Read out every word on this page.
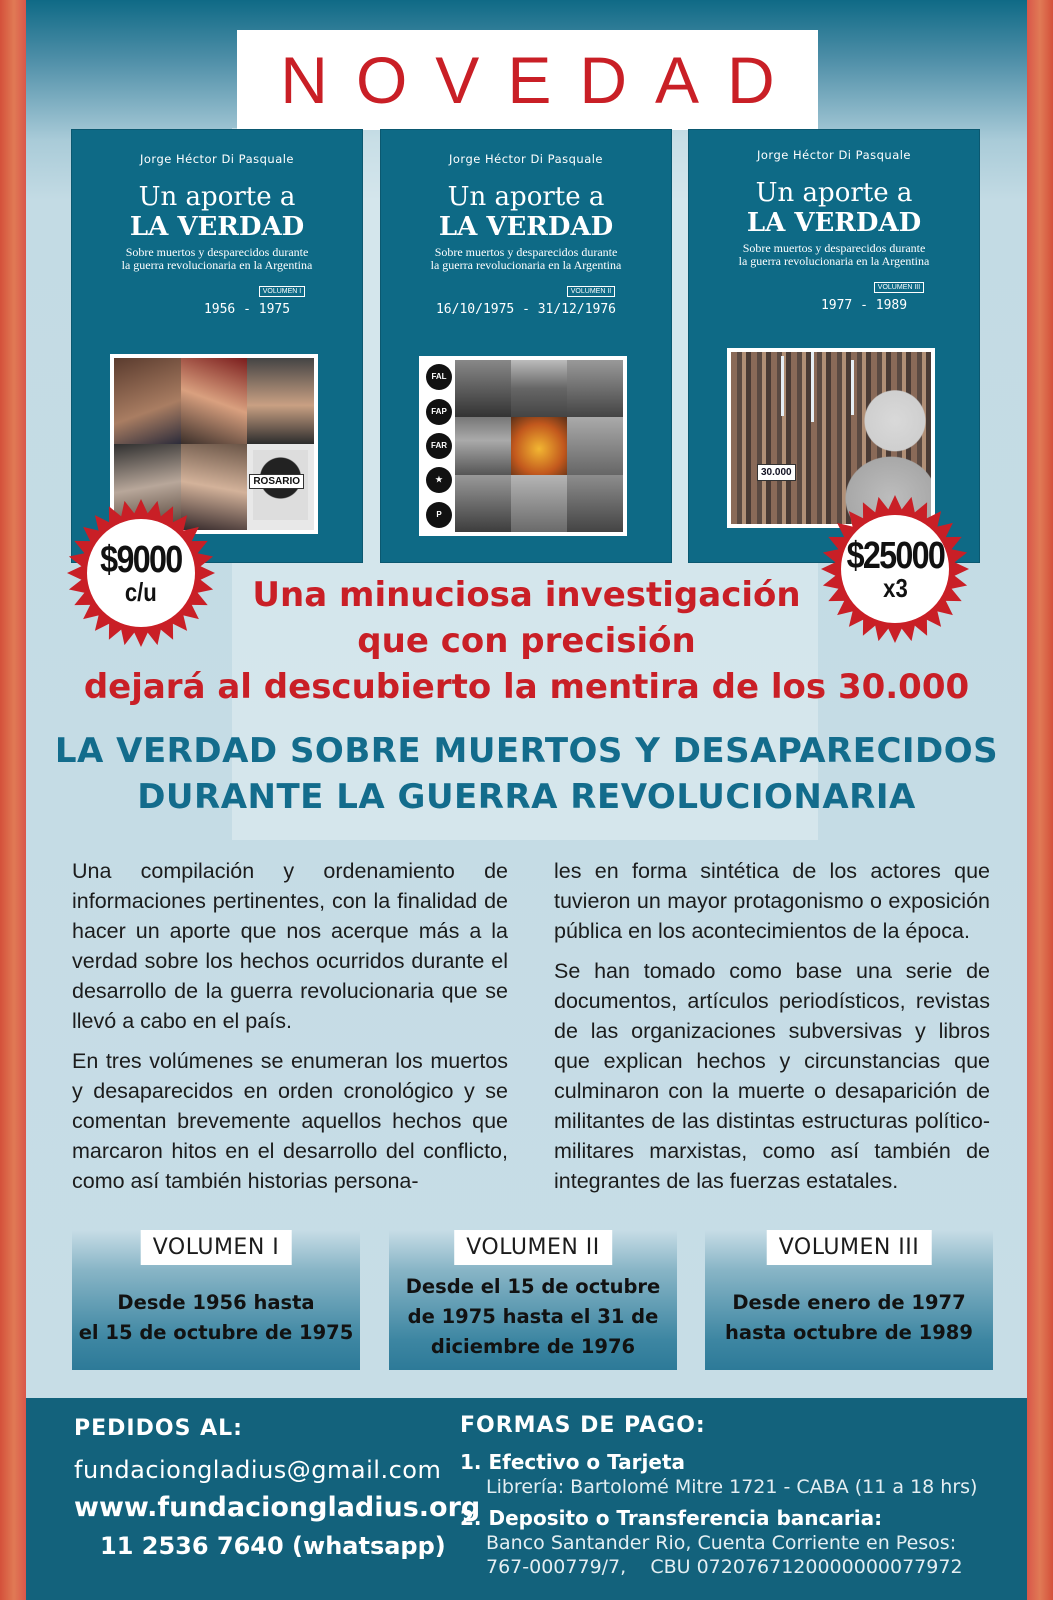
NOVEDAD
Jorge Héctor Di Pasquale
Un aporte a
LA VERDAD
Sobre muertos y desparecidos durante
la guerra revolucionaria en la Argentina
VOLUMEN I
1956 - 1975
ROSARIO
Jorge Héctor Di Pasquale
Un aporte a
LA VERDAD
Sobre muertos y desparecidos durante
la guerra revolucionaria en la Argentina
VOLUMEN II
16/10/1975 - 31/12/1976
FAL
FAP
FAR
★
P
Jorge Héctor Di Pasquale
Un aporte a
LA VERDAD
Sobre muertos y desparecidos durante
la guerra revolucionaria en la Argentina
VOLUMEN III
1977 - 1989
30.000
$9000
c/u
$25000
x3
Una minuciosa investigación
que con precisión
dejará al descubierto la mentira de los 30.000
LA VERDAD SOBRE MUERTOS Y DESAPARECIDOS
DURANTE LA GUERRA REVOLUCIONARIA

Una compilación y ordenamiento de informaciones pertinentes, con la finalidad de hacer un aporte que nos acerque más a la verdad sobre los hechos ocurridos durante el desarrollo de la guerra revolucionaria que se llevó a cabo en el país.

En tres volúmenes se enumeran los muertos y desaparecidos en orden cronológico y se comentan brevemente aquellos hechos que marcaron hitos en el desarrollo del conflicto, como así también historias persona-

les en forma sintética de los actores que tuvieron un mayor protagonismo o exposición pública en los acontecimientos de la época.

Se han tomado como base una serie de documentos, artículos periodísticos, revistas de las organizaciones subversivas y libros que explican hechos y circunstancias que culminaron con la muerte o desaparición de militantes de las distintas estructuras político-militares marxistas, como así también de integrantes de las fuerzas estatales.

VOLUMEN I
Desde 1956 hasta
el 15 de octubre de 1975
VOLUMEN II
Desde el 15 de octubre
de 1975 hasta el 31 de
diciembre de 1976
VOLUMEN III
Desde enero de 1977
hasta octubre de 1989
PEDIDOS AL:
fundaciongladius@gmail.com
www.fundaciongladius.org
11 2536 7640 (whatsapp)
FORMAS DE PAGO:
1. Efectivo o Tarjeta
Librería: Bartolomé Mitre 1721 - CABA (11 a 18 hrs)
2. Deposito o Transferencia bancaria:
Banco Santander Rio, Cuenta Corriente en Pesos:
767-000779/7,    CBU 0720767120000000077972
